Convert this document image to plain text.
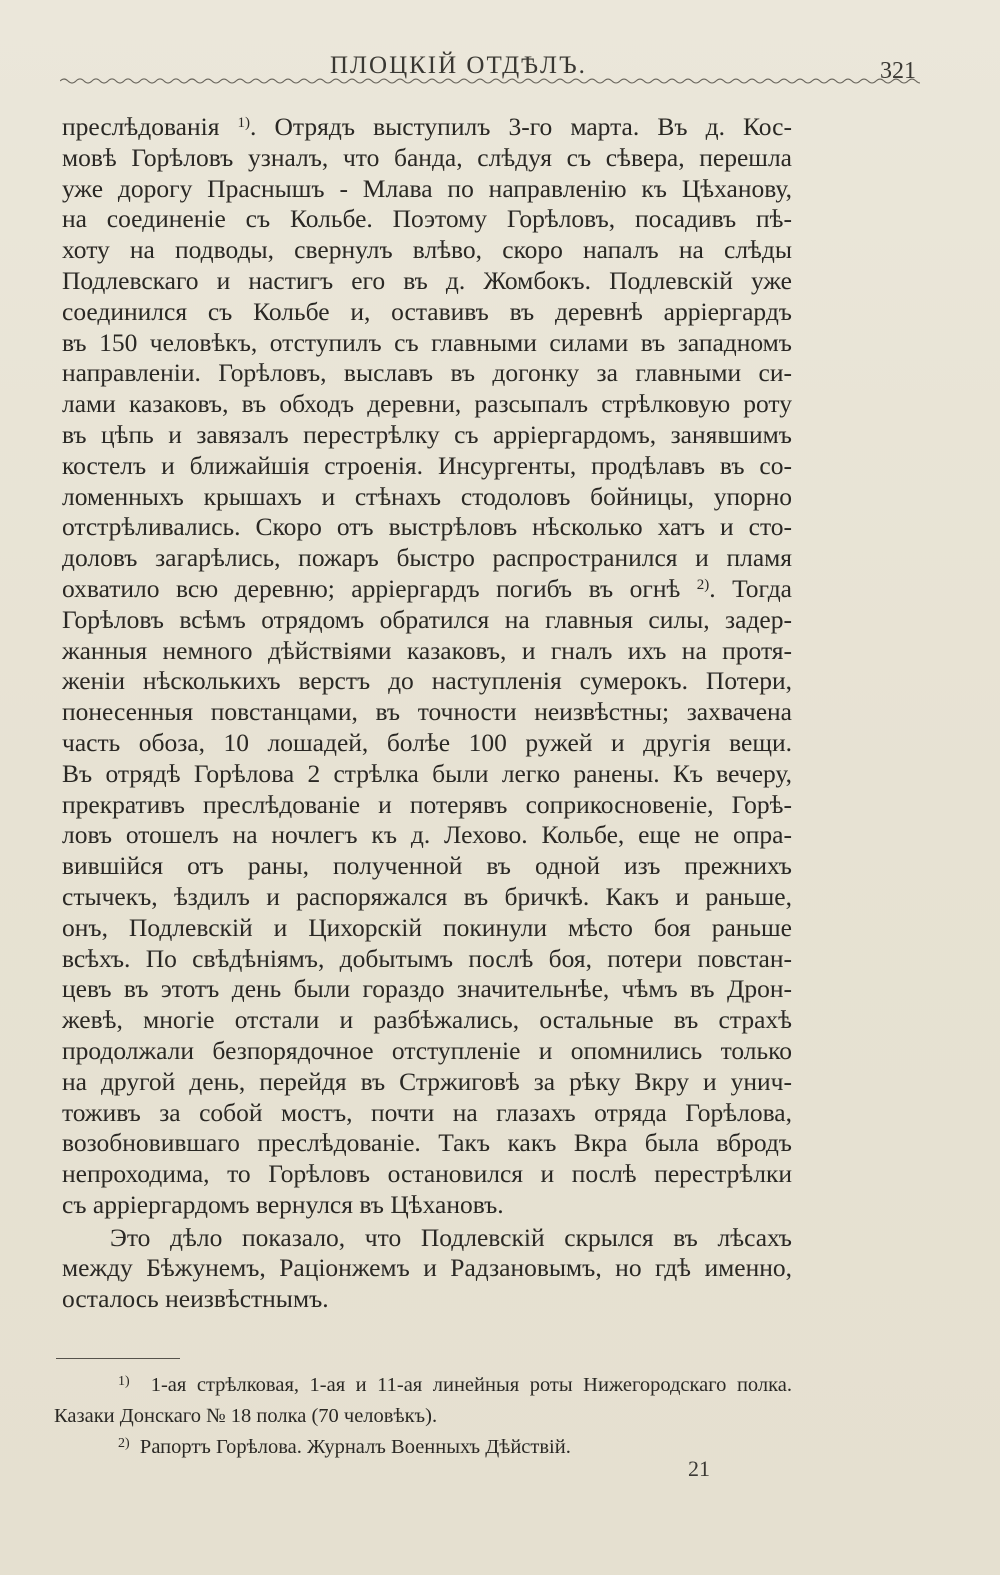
ПЛОЦКІЙ ОТДѢЛЪ.	321
преслѣдованія $^{1)}$. Отрядъ выступилъ 3-го марта. Въ д. Кос-
мовѣ Горѣловъ узналъ, что банда, слѣдуя съ сѣвера, перешла
уже дорогу Праснышъ - Млава по направленію къ Цѣханову,
на соединеніе съ Кольбе. Поэтому Горѣловъ, посадивъ пѣ-
хоту на подводы, свернулъ влѣво, скоро напалъ на слѣды
Подлевскаго и настигъ его въ д. Жомбокъ. Подлевскій уже
соединился съ Кольбе и, оставивъ въ деревнѣ арріергардъ
въ 150 человѣкъ, отступилъ съ главными силами въ западномъ
направленіи. Горѣловъ, выславъ въ догонку за главными си-
лами казаковъ, въ обходъ деревни, разсыпалъ стрѣлковую роту
въ цѣпь и завязалъ перестрѣлку съ арріергардомъ, занявшимъ
костелъ и ближайшія строенія. Инсургенты, продѣлавъ въ со-
ломенныхъ крышахъ и стѣнахъ стодоловъ бойницы, упорно
отстрѣливались. Скоро отъ выстрѣловъ нѣсколько хатъ и сто-
доловъ загарѣлись, пожаръ быстро распространился и пламя
охватило всю деревню; арріергардъ погибъ въ огнѣ $^{2)}$. Тогда
Горѣловъ всѣмъ отрядомъ обратился на главныя силы, задер-
жанныя немного дѣйствіями казаковъ, и гналъ ихъ на протя-
женіи нѣсколькихъ верстъ до наступленія сумерокъ. Потери,
понесенныя повстанцами, въ точности неизвѣстны; захвачена
часть обоза, 10 лошадей, болѣе 100 ружей и другія вещи.
Въ отрядѣ Горѣлова 2 стрѣлка были легко ранены. Къ вечеру,
прекративъ преслѣдованіе и потерявъ соприкосновеніе, Горѣ-
ловъ отошелъ на ночлегъ къ д. Лехово. Кольбе, еще не опра-
вившійся отъ раны, полученной въ одной изъ прежнихъ
стычекъ, ѣздилъ и распоряжался въ бричкѣ. Какъ и раньше,
онъ, Подлевскій и Цихорскій покинули мѣсто боя раньше
всѣхъ. По свѣдѣніямъ, добытымъ послѣ боя, потери повстан-
цевъ въ этотъ день были гораздо значительнѣе, чѣмъ въ Дрон-
жевѣ, многіе отстали и разбѣжались, остальные въ страхѣ
продолжали безпорядочное отступленіе и опомнились только
на другой день, перейдя въ Стржиговѣ за рѣку Вкру и унич-
тоживъ за собой мостъ, почти на глазахъ отряда Горѣлова,
возобновившаго преслѣдованіе. Такъ какъ Вкра была вбродъ
непроходима, то Горѣловъ остановился и послѣ перестрѣлки
съ арріергардомъ вернулся въ Цѣхановъ.
Это дѣло показало, что Подлевскій скрылся въ лѣсахъ
между Бѣжунемъ, Раціонжемъ и Радзановымъ, но гдѣ именно,
осталось неизвѣстнымъ.
$^{1)}$ 1-ая стрѣлковая, 1-ая и 11-ая линейныя роты Нижегородскаго полка.
Казаки Донскаго № 18 полка (70 человѣкъ).
$^{2)}$ Рапортъ Горѣлова. Журналъ Военныхъ Дѣйствій.
21
